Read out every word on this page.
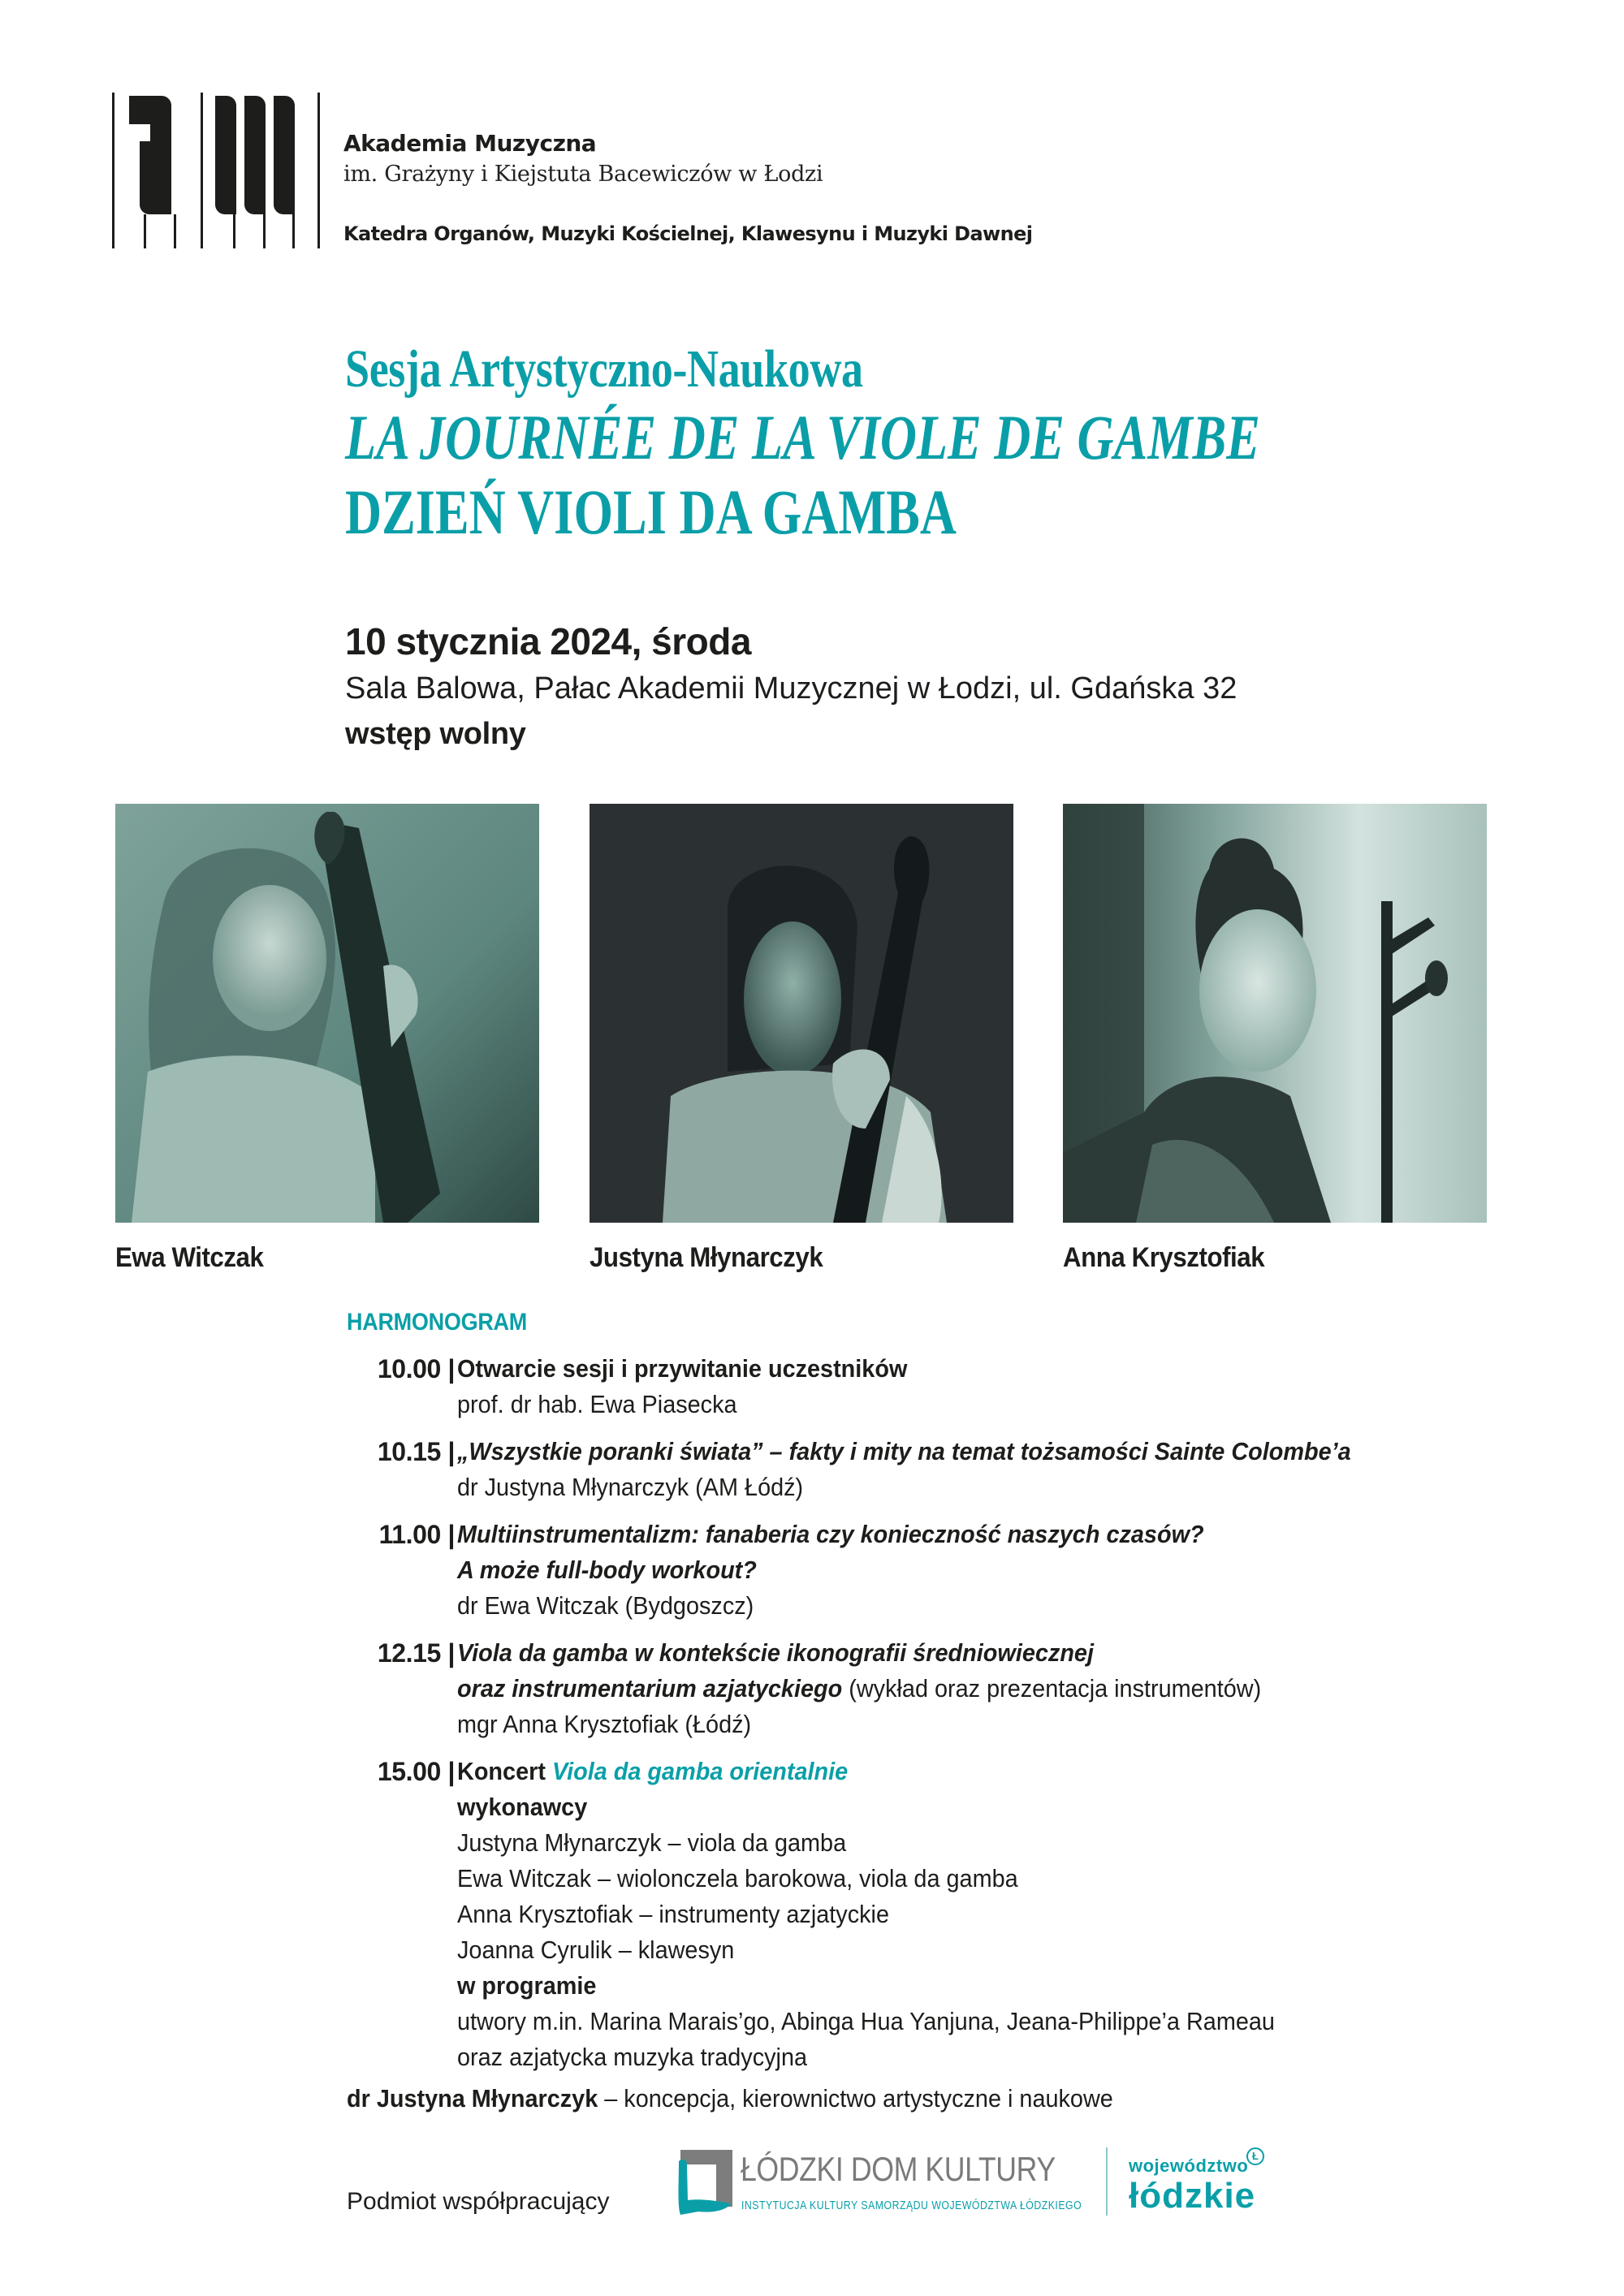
Akademia Muzyczna
im. Grażyny i Kiejstuta Bacewiczów w Łodzi
Katedra Organów, Muzyki Kościelnej, Klawesynu i Muzyki Dawnej
Sesja Artystyczno-Naukowa
LA JOURNÉE DE LA VIOLE DE GAMBE
DZIEŃ VIOLI DA GAMBA
10 stycznia 2024, środa
Sala Balowa, Pałac Akademii Muzycznej w Łodzi, ul. Gdańska 32
wstęp wolny
Ewa Witczak	Justyna Młynarczyk	Anna Krysztofiak
HARMONOGRAM
10.00 | Otwarcie sesji i przywitanie uczestników
prof. dr hab. Ewa Piasecka
10.15 | „Wszystkie poranki świata” – fakty i mity na temat tożsamości Sainte Colombe’a
dr Justyna Młynarczyk (AM Łódź)
11.00 | Multiinstrumentalizm: fanaberia czy konieczność naszych czasów?
A może full-body workout?
dr Ewa Witczak (Bydgoszcz)
12.15 | Viola da gamba w kontekście ikonografii średniowiecznej
oraz instrumentarium azjatyckiego (wykład oraz prezentacja instrumentów)
mgr Anna Krysztofiak (Łódź)
15.00 | Koncert Viola da gamba orientalnie
wykonawcy
Justyna Młynarczyk – viola da gamba
Ewa Witczak – wiolonczela barokowa, viola da gamba
Anna Krysztofiak – instrumenty azjatyckie
Joanna Cyrulik – klawesyn
w programie
utwory m.in. Marina Marais’go, Abinga Hua Yanjuna, Jeana-Philippe’a Rameau
oraz azjatycka muzyka tradycyjna
dr Justyna Młynarczyk – koncepcja, kierownictwo artystyczne i naukowe
Podmiot współpracujący
ŁÓDZKI DOM KULTURY
INSTYTUCJA KULTURY SAMORZĄDU WOJEWÓDZTWA ŁÓDZKIEGO
województwo Ł
łódzkie
